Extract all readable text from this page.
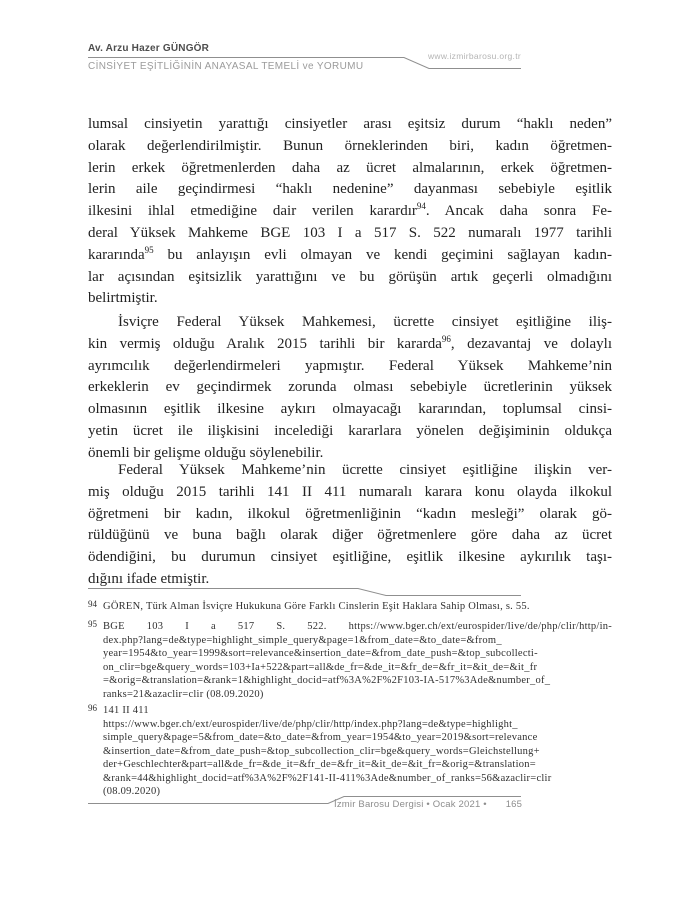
Av. Arzu Hazer GÜNGÖR
www.izmirbarosu.org.tr
CİNSİYET EŞİTLİĞİNİN ANAYASAL TEMELİ ve YORUMU
lumsal cinsiyetin yarattığı cinsiyetler arası eşitsiz durum “haklı neden”
olarak değerlendirilmiştir. Bunun örneklerinden biri, kadın öğretmen-
lerin erkek öğretmenlerden daha az ücret almalarının, erkek öğretmen-
lerin aile geçindirmesi “haklı nedenine” dayanması sebebiyle eşitlik
ilkesini ihlal etmediğine dair verilen karardır$^{94}$. Ancak daha sonra Fe-
deral Yüksek Mahkeme BGE 103 I a 517 S. 522 numaralı 1977 tarihli
kararında$^{95}$ bu anlayışın evli olmayan ve kendi geçimini sağlayan kadın-
lar açısından eşitsizlik yarattığını ve bu görüşün artık geçerli olmadığını
belirtmiştir.
İsviçre Federal Yüksek Mahkemesi, ücrette cinsiyet eşitliğine iliş-
kin vermiş olduğu Aralık 2015 tarihli bir kararda$^{96}$, dezavantaj ve dolaylı
ayrımcılık değerlendirmeleri yapmıştır. Federal Yüksek Mahkeme’nin
erkeklerin ev geçindirmek zorunda olması sebebiyle ücretlerinin yüksek
olmasının eşitlik ilkesine aykırı olmayacağı kararından, toplumsal cinsi-
yetin ücret ile ilişkisini incelediği kararlara yönelen değişiminin oldukça
önemli bir gelişme olduğu söylenebilir.
Federal Yüksek Mahkeme’nin ücrette cinsiyet eşitliğine ilişkin ver-
miş olduğu 2015 tarihli 141 II 411 numaralı karara konu olayda ilkokul
öğretmeni bir kadın, ilkokul öğretmenliğinin “kadın mesleği” olarak gö-
rüldüğünü ve buna bağlı olarak diğer öğretmenlere göre daha az ücret
ödendiğini, bu durumun cinsiyet eşitliğine, eşitlik ilkesine aykırılık taşı-
dığını ifade etmiştir.
94 GÖREN, Türk Alman İsviçre Hukukuna Göre Farklı Cinslerin Eşit Haklara Sahip Olması, s. 55.
95 BGE 103 I a 517 S. 522. https://www.bger.ch/ext/eurospider/live/de/php/clir/http/in-
dex.php?lang=de&type=highlight_simple_query&page=1&from_date=&to_date=&from_
year=1954&to_year=1999&sort=relevance&insertion_date=&from_date_push=&top_subcollecti-
on_clir=bge&query_words=103+Ia+522&part=all&de_fr=&de_it=&fr_de=&fr_it=&it_de=&it_fr
=&orig=&translation=&rank=1&highlight_docid=atf%3A%2F%2F103-IA-517%3Ade&number_of_
ranks=21&azaclir=clir (08.09.2020)
96 141 II 411
https://www.bger.ch/ext/eurospider/live/de/php/clir/http/index.php?lang=de&type=highlight_
simple_query&page=5&from_date=&to_date=&from_year=1954&to_year=2019&sort=relevance
&insertion_date=&from_date_push=&top_subcollection_clir=bge&query_words=Gleichstellung+
der+Geschlechter&part=all&de_fr=&de_it=&fr_de=&fr_it=&it_de=&it_fr=&orig=&translation=
&rank=44&highlight_docid=atf%3A%2F%2F141-II-411%3Ade&number_of_ranks=56&azaclir=clir
(08.09.2020)
İzmir Barosu Dergisi • Ocak 2021 • 165
